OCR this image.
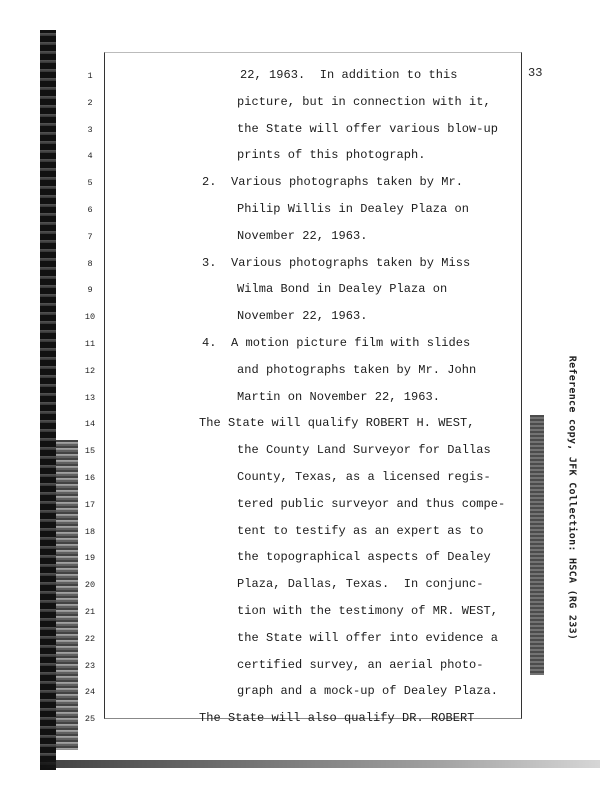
33
1
2
3
4
5
6
7
8
9
10
11
12
13
14
15
16
17
18
19
20
21
22
23
24
25
22, 1963.  In addition to this
picture, but in connection with it,
the State will offer various blow-up
prints of this photograph.
2.  Various photographs taken by Mr.
Philip Willis in Dealey Plaza on
November 22, 1963.
3.  Various photographs taken by Miss
Wilma Bond in Dealey Plaza on
November 22, 1963.
4.  A motion picture film with slides
and photographs taken by Mr. John
Martin on November 22, 1963.
The State will qualify ROBERT H. WEST,
the County Land Surveyor for Dallas
County, Texas, as a licensed regis-
tered public surveyor and thus compe-
tent to testify as an expert as to
the topographical aspects of Dealey
Plaza, Dallas, Texas.  In conjunc-
tion with the testimony of MR. WEST,
the State will offer into evidence a
certified survey, an aerial photo-
graph and a mock-up of Dealey Plaza.
The State will also qualify DR. ROBERT
Reference copy, JFK Collection: HSCA (RG 233)
